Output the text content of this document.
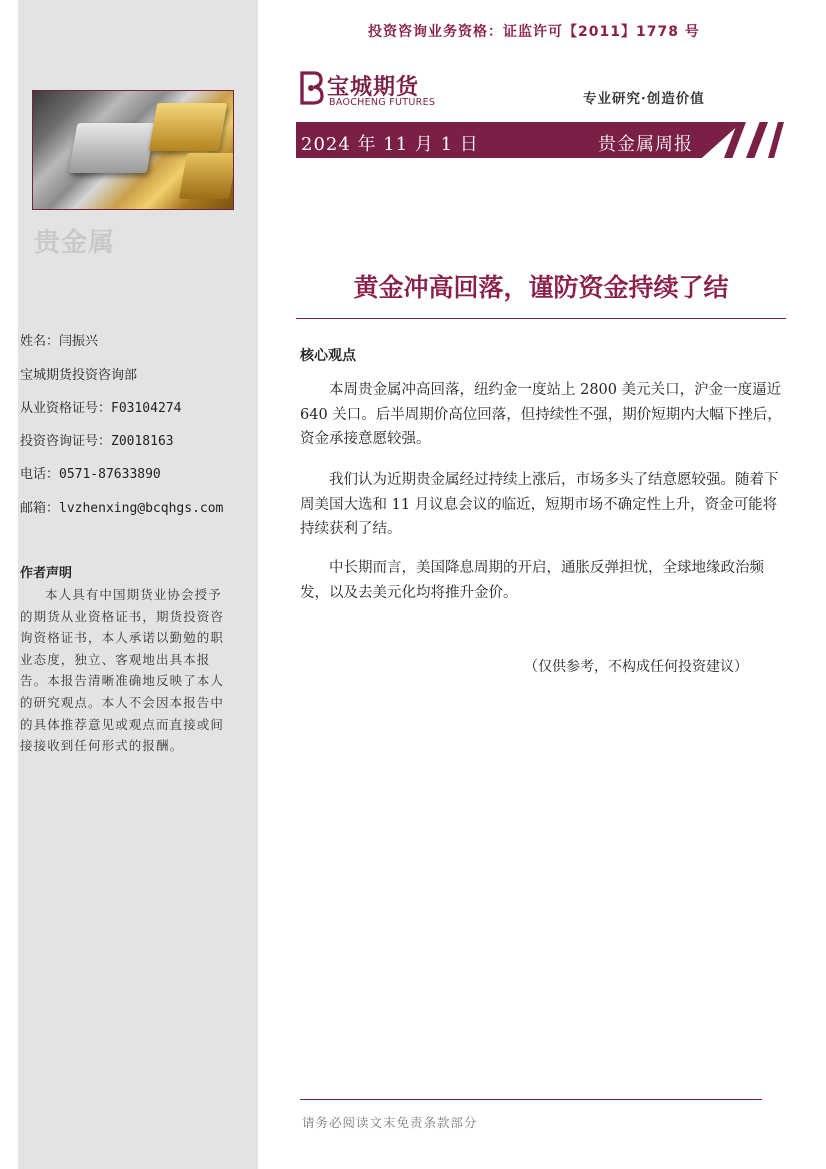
贵金属
姓名：闫振兴
宝城期货投资咨询部
从业资格证号：F03104274
投资咨询证号：Z0018163
电话：0571-87633890
邮箱：lvzhenxing@bcqhgs.com
作者声明
本人具有中国期货业协会授予的期货从业资格证书，期货投资咨询资格证书，本人承诺以勤勉的职业态度，独立、客观地出具本报告。本报告清晰准确地反映了本人的研究观点。本人不会因本报告中的具体推荐意见或观点而直接或间接接收到任何形式的报酬。
投资咨询业务资格：证监许可【2011】1778 号
宝城期货
BAOCHENG FUTURES	专业研究·创造价值
2024 年 11 月 1 日	贵金属周报
黄金冲高回落，谨防资金持续了结
核心观点

本周贵金属冲高回落，纽约金一度站上 2800 美元关口，沪金一度逼近 640 关口。后半周期价高位回落，但持续性不强，期价短期内大幅下挫后，资金承接意愿较强。

我们认为近期贵金属经过持续上涨后，市场多头了结意愿较强。随着下周美国大选和 11 月议息会议的临近，短期市场不确定性上升，资金可能将持续获利了结。

中长期而言，美国降息周期的开启，通胀反弹担忧，全球地缘政治频发，以及去美元化均将推升金价。

（仅供参考，不构成任何投资建议）
请务必阅读文末免责条款部分
